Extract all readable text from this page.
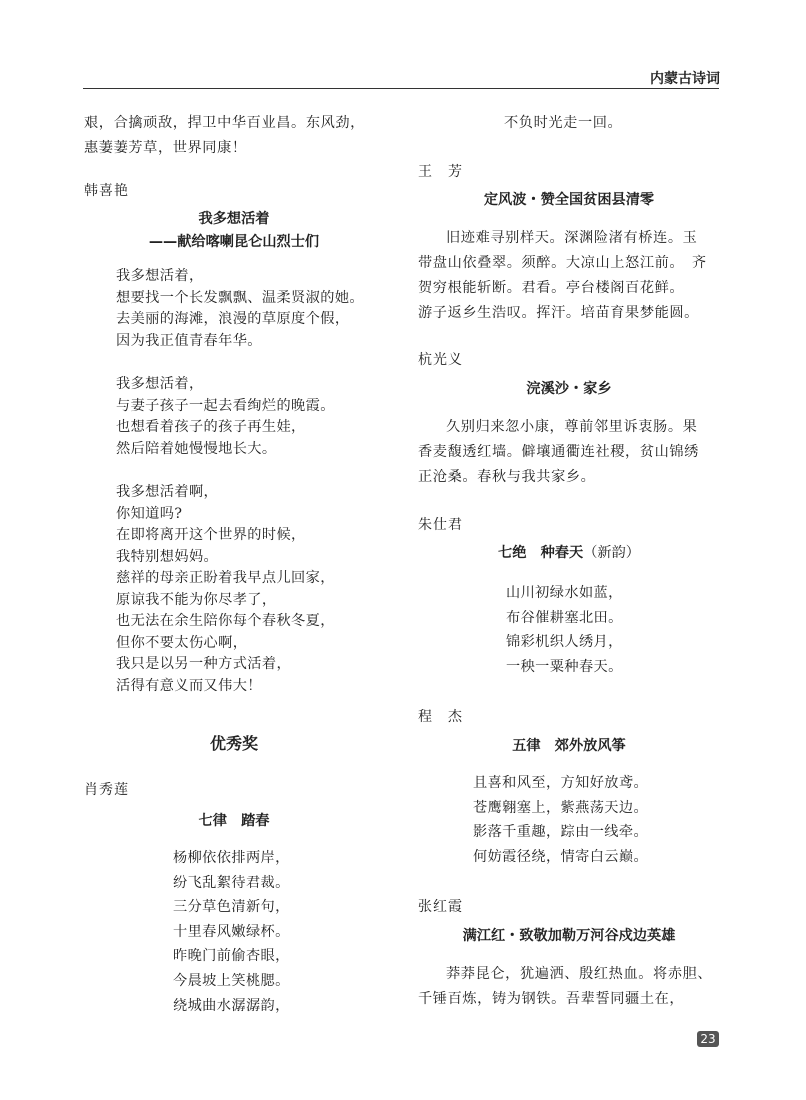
内蒙古诗词
艰，合擒顽敌，捍卫中华百业昌。东风劲，
惠萋萋芳草，世界同康！
韩喜艳
我多想活着
——献给喀喇昆仑山烈士们
我多想活着，
想要找一个长发飘飘、温柔贤淑的她。
去美丽的海滩，浪漫的草原度个假，
因为我正值青春年华。
我多想活着，
与妻子孩子一起去看绚烂的晚霞。
也想看着孩子的孩子再生娃，
然后陪着她慢慢地长大。
我多想活着啊，
你知道吗?
在即将离开这个世界的时候，
我特别想妈妈。
慈祥的母亲正盼着我早点儿回家，
原谅我不能为你尽孝了，
也无法在余生陪你每个春秋冬夏，
但你不要太伤心啊，
我只是以另一种方式活着，
活得有意义而又伟大！
优秀奖
肖秀莲
七律　踏春
杨柳依依排两岸，
纷飞乱絮待君裁。
三分草色清新句，
十里春风嫩绿杯。
昨晚门前偷杏眼，
今晨坡上笑桃腮。
绕城曲水潺潺韵，
不负时光走一回。
王　芳
定风波・赞全国贫困县清零
旧迹难寻别样天。深渊险渚有桥连。玉
带盘山依叠翠。须醉。大凉山上怒江前。　齐
贺穷根能斩断。君看。亭台楼阁百花鲜。
游子返乡生浩叹。挥汗。培苗育果梦能圆。
杭光义
浣溪沙・家乡
久别归来忽小康，尊前邻里诉衷肠。果
香麦馥透红墙。僻壤通衢连社稷，贫山锦绣
正沧桑。春秋与我共家乡。
朱仕君
七绝　种春天（新韵）
山川初绿水如蓝，
布谷催耕塞北田。
锦彩机织人绣月，
一秧一粟种春天。
程　杰
五律　郊外放风筝
且喜和风至，方知好放鸢。
苍鹰翱塞上，紫燕荡天边。
影落千重趣，踪由一线牵。
何妨霞径绕，情寄白云巅。
张红霞
满江红・致敬加勒万河谷戍边英雄
莽莽昆仑，犹遍洒、殷红热血。将赤胆、
千锤百炼，铸为钢铁。吾辈誓同疆土在，
23
